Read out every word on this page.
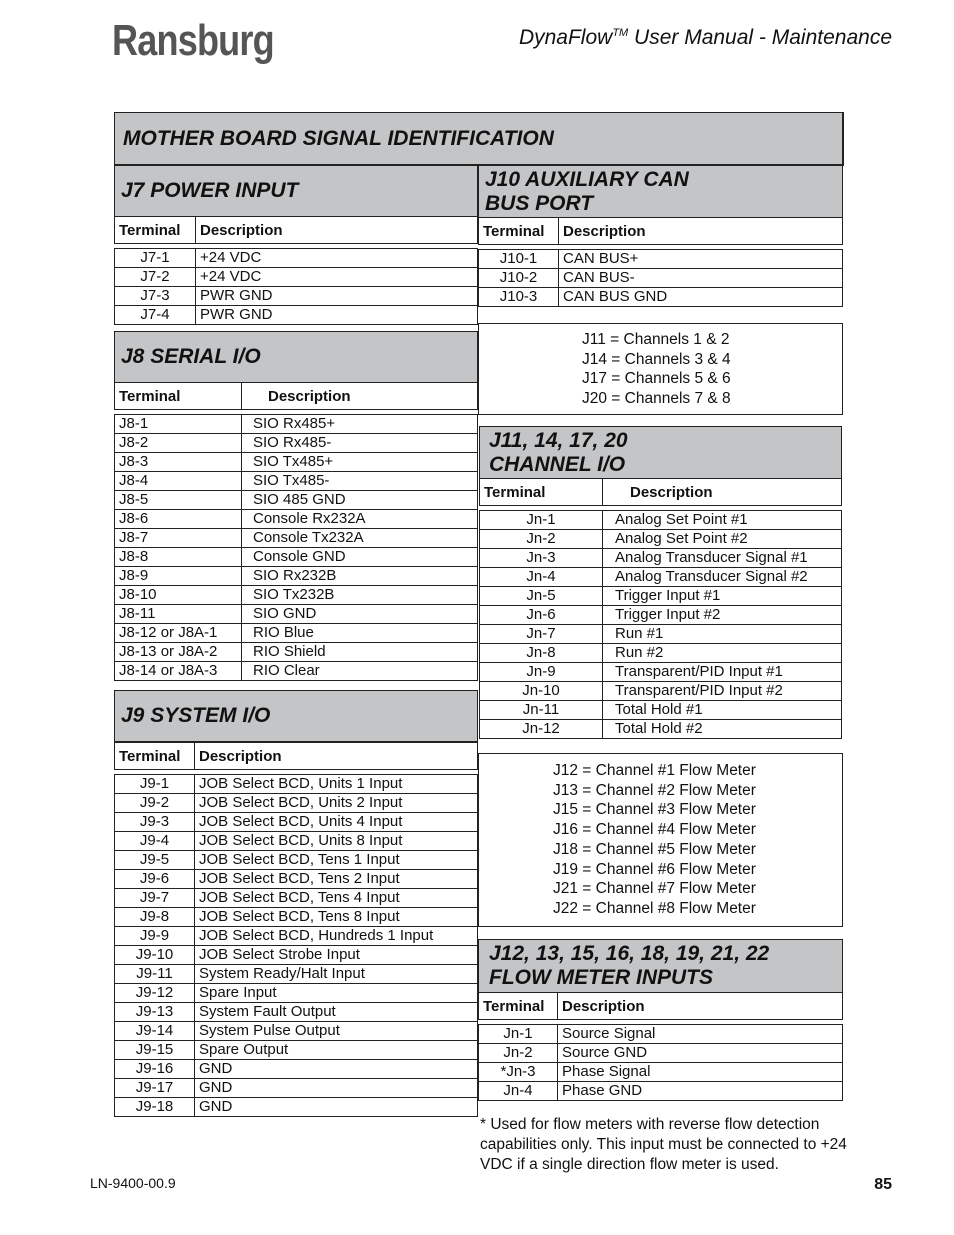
Ransburg	DynaFlow™ User Manual - Maintenance
MOTHER BOARD SIGNAL IDENTIFICATION
J7 POWER INPUT
Terminal	Description

J7-1	+24 VDC
J7-2	+24 VDC
J7-3	PWR GND
J7-4	PWR GND
J8 SERIAL I/O
Terminal	Description

J8-1	SIO Rx485+
J8-2	SIO Rx485-
J8-3	SIO Tx485+
J8-4	SIO Tx485-
J8-5	SIO 485 GND
J8-6	Console Rx232A
J8-7	Console Tx232A
J8-8	Console GND
J8-9	SIO Rx232B
J8-10	SIO Tx232B
J8-11	SIO GND
J8-12 or J8A-1	RIO Blue
J8-13 or J8A-2	RIO Shield
J8-14 or J8A-3	RIO Clear
J9 SYSTEM I/O
Terminal	Description

J9-1	JOB Select BCD, Units 1 Input
J9-2	JOB Select BCD, Units 2 Input
J9-3	JOB Select BCD, Units 4 Input
J9-4	JOB Select BCD, Units 8 Input
J9-5	JOB Select BCD, Tens 1 Input
J9-6	JOB Select BCD, Tens 2 Input
J9-7	JOB Select BCD, Tens 4 Input
J9-8	JOB Select BCD, Tens 8 Input
J9-9	JOB Select BCD, Hundreds 1 Input
J9-10	JOB Select Strobe Input
J9-11	System Ready/Halt Input
J9-12	Spare Input
J9-13	System Fault Output
J9-14	System Pulse Output
J9-15	Spare Output
J9-16	GND
J9-17	GND
J9-18	GND
J10 AUXILIARY CAN
BUS PORT
Terminal	Description

J10-1	CAN BUS+
J10-2	CAN BUS-
J10-3	CAN BUS GND
J11 = Channels 1 & 2
J14 = Channels 3 & 4
J17 = Channels 5 & 6
J20 = Channels 7 & 8
J11, 14, 17, 20
CHANNEL I/O
Terminal	Description

Jn-1	Analog Set Point #1
Jn-2	Analog Set Point #2
Jn-3	Analog Transducer Signal #1
Jn-4	Analog Transducer Signal #2
Jn-5	Trigger Input #1
Jn-6	Trigger Input #2
Jn-7	Run #1
Jn-8	Run #2
Jn-9	Transparent/PID Input #1
Jn-10	Transparent/PID Input #2
Jn-11	Total Hold #1
Jn-12	Total Hold #2
J12 = Channel #1 Flow Meter
J13 = Channel #2 Flow Meter
J15 = Channel #3 Flow Meter
J16 = Channel #4 Flow Meter
J18 = Channel #5 Flow Meter
J19 = Channel #6 Flow Meter
J21 = Channel #7 Flow Meter
J22 = Channel #8 Flow Meter
J12, 13, 15, 16, 18, 19, 21, 22
FLOW METER INPUTS
Terminal	Description

Jn-1	Source Signal
Jn-2	Source GND
*Jn-3	Phase Signal
Jn-4	Phase GND
* Used for flow meters with reverse flow detection capabilities only. This input must be connected to +24 VDC if a single direction flow meter is used.
LN-9400-00.9	85
